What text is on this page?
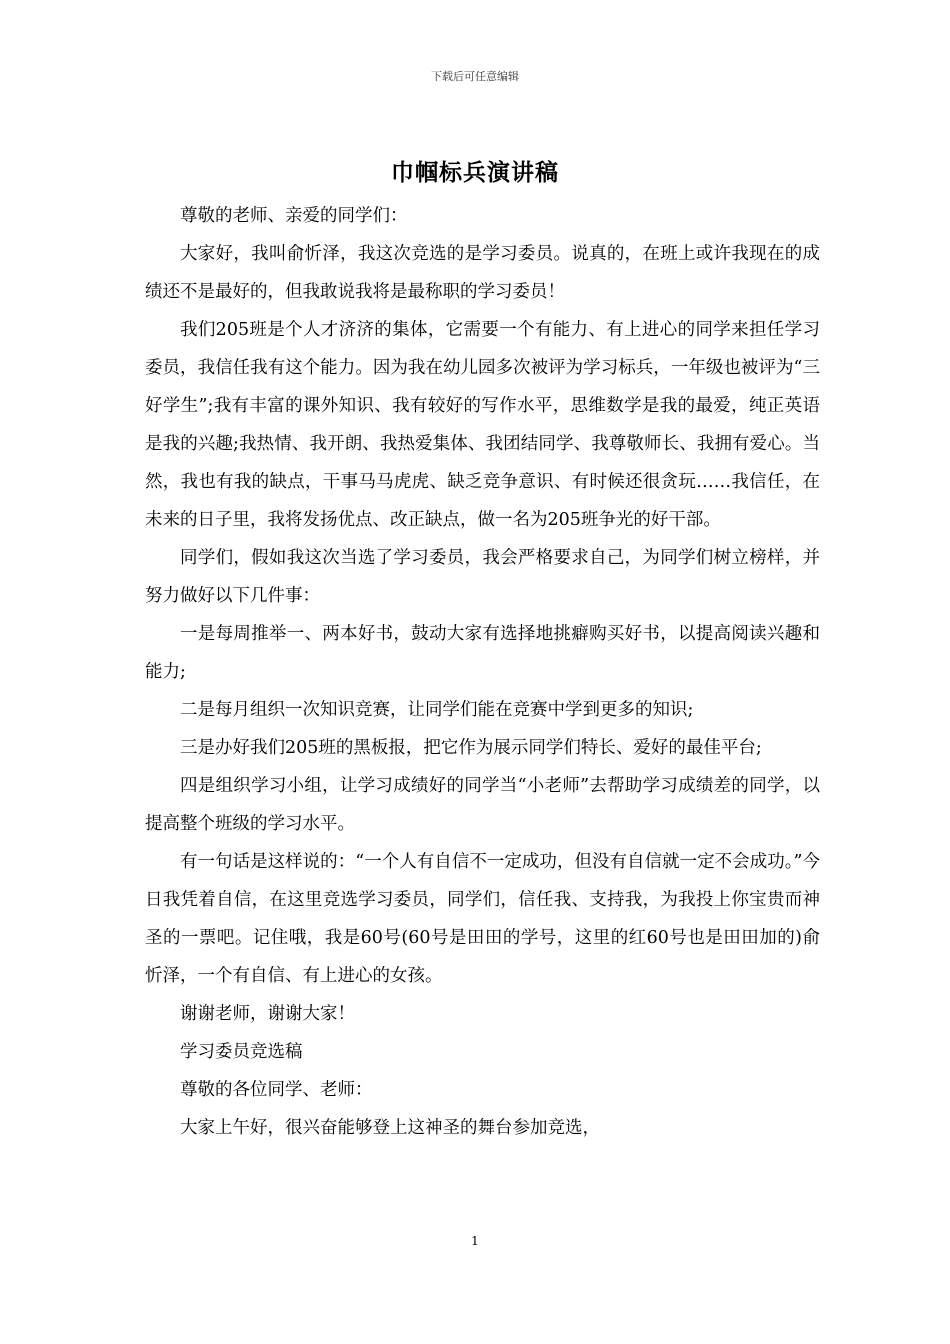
下载后可任意编辑
巾帼标兵演讲稿

尊敬的老师、亲爱的同学们：

大家好，我叫俞忻泽，我这次竞选的是学习委员。说真的，在班上或许我现在的成绩还不是最好的，但我敢说我将是最称职的学习委员！

我们205班是个人才济济的集体，它需要一个有能力、有上进心的同学来担任学习委员，我信任我有这个能力。因为我在幼儿园多次被评为学习标兵，一年级也被评为“三好学生”;我有丰富的课外知识、我有较好的写作水平，思维数学是我的最爱，纯正英语是我的兴趣;我热情、我开朗、我热爱集体、我团结同学、我尊敬师长、我拥有爱心。当然，我也有我的缺点，干事马马虎虎、缺乏竞争意识、有时候还很贪玩……我信任，在未来的日子里，我将发扬优点、改正缺点，做一名为205班争光的好干部。

同学们，假如我这次当选了学习委员，我会严格要求自己，为同学们树立榜样，并努力做好以下几件事：

一是每周推举一、两本好书，鼓动大家有选择地挑癖购买好书，以提高阅读兴趣和能力;

二是每月组织一次知识竞赛，让同学们能在竞赛中学到更多的知识;

三是办好我们205班的黑板报，把它作为展示同学们特长、爱好的最佳平台;

四是组织学习小组，让学习成绩好的同学当“小老师”去帮助学习成绩差的同学，以提高整个班级的学习水平。

有一句话是这样说的：“一个人有自信不一定成功，但没有自信就一定不会成功。”今日我凭着自信，在这里竞选学习委员，同学们，信任我、支持我，为我投上你宝贵而神圣的一票吧。记住哦，我是60号(60号是田田的学号，这里的红60号也是田田加的)俞忻泽，一个有自信、有上进心的女孩。

谢谢老师，谢谢大家！

学习委员竞选稿

尊敬的各位同学、老师：

大家上午好，很兴奋能够登上这神圣的舞台参加竞选，

1
